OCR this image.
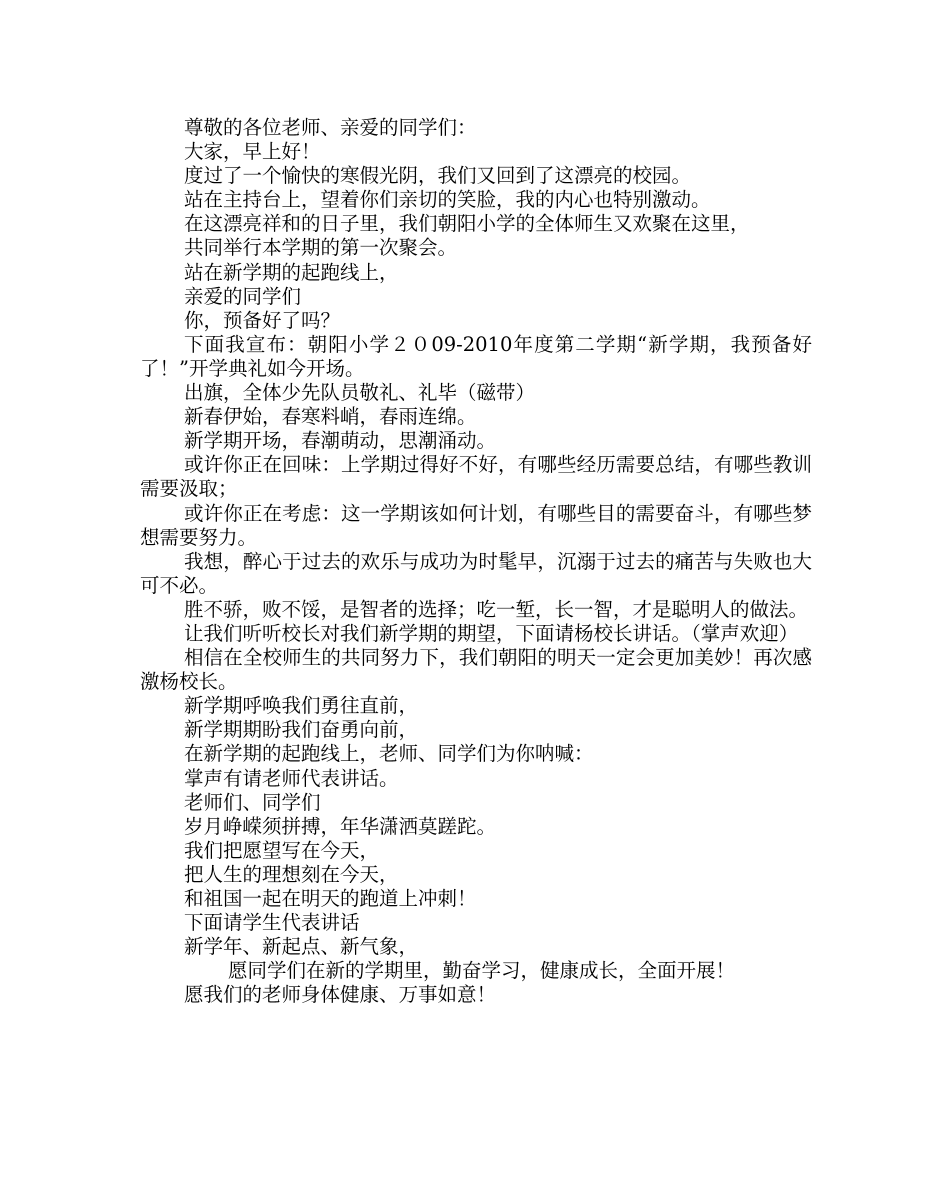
尊敬的各位老师、亲爱的同学们：

大家，早上好！

度过了一个愉快的寒假光阴，我们又回到了这漂亮的校园。

站在主持台上，望着你们亲切的笑脸，我的内心也特别激动。

在这漂亮祥和的日子里，我们朝阳小学的全体师生又欢聚在这里，

共同举行本学期的第一次聚会。

站在新学期的起跑线上，

亲爱的同学们

你，预备好了吗？

下面我宣布：朝阳小学２０09-2010年度第二学期“新学期，我预备好了！”开学典礼如今开场。

出旗，全体少先队员敬礼、礼毕（磁带）

新春伊始，春寒料峭，春雨连绵。

新学期开场，春潮萌动，思潮涌动。

或许你正在回味：上学期过得好不好，有哪些经历需要总结，有哪些教训需要汲取；

或许你正在考虑：这一学期该如何计划，有哪些目的需要奋斗，有哪些梦想需要努力。

我想，醉心于过去的欢乐与成功为时髦早，沉溺于过去的痛苦与失败也大可不必。

胜不骄，败不馁，是智者的选择；吃一堑，长一智，才是聪明人的做法。

让我们听听校长对我们新学期的期望，下面请杨校长讲话。（掌声欢迎）

相信在全校师生的共同努力下，我们朝阳的明天一定会更加美妙！再次感激杨校长。

新学期呼唤我们勇往直前，

新学期期盼我们奋勇向前，

在新学期的起跑线上，老师、同学们为你呐喊：

掌声有请老师代表讲话。

老师们、同学们

岁月峥嵘须拼搏，年华潇洒莫蹉跎。

我们把愿望写在今天，

把人生的理想刻在今天，

和祖国一起在明天的跑道上冲刺！

下面请学生代表讲话

新学年、新起点、新气象，

愿同学们在新的学期里，勤奋学习，健康成长，全面开展！

愿我们的老师身体健康、万事如意！
